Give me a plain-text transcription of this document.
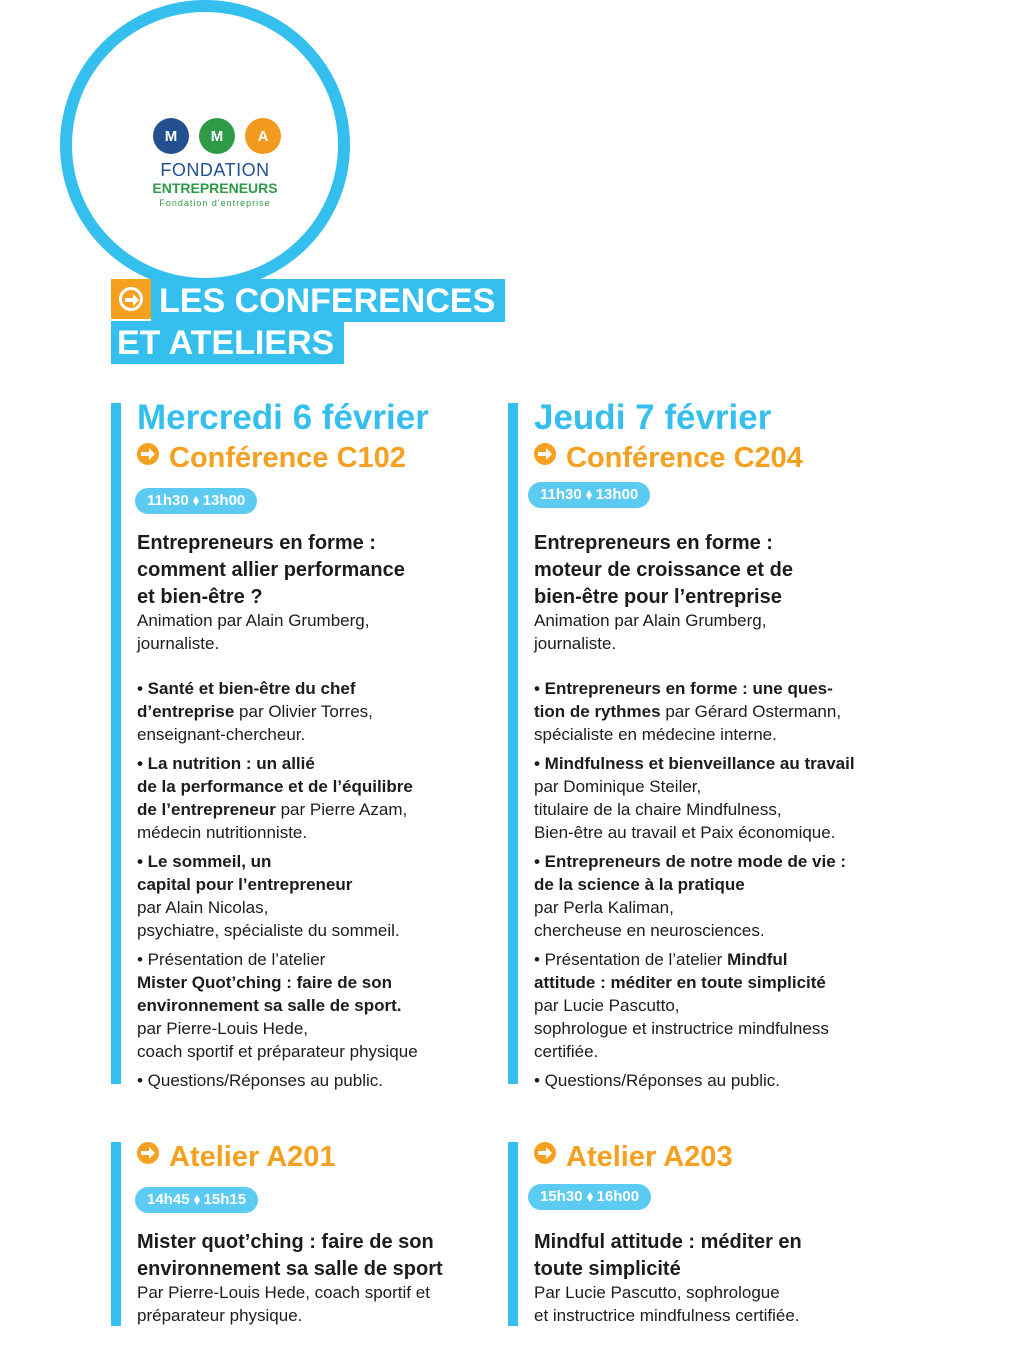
M	M	A
FONDATION
ENTREPRENEURS
Fondation d'entreprise
LES CONFERENCES
ET ATELIERS
Mercredi 6 février
Conférence C102
11h30 13h00
Entrepreneurs en forme :
comment allier performance
et bien-être ?
Animation par Alain Grumberg,
journaliste.
• Santé et bien-être du chef
d’entreprise par Olivier Torres,
enseignant-chercheur.
• La nutrition : un allié
de la performance et de l’équilibre
de l’entrepreneur par Pierre Azam,
médecin nutritionniste.
• Le sommeil, un
capital pour l’entrepreneur
par Alain Nicolas,
psychiatre, spécialiste du sommeil.
• Présentation de l’atelier
Mister Quot’ching : faire de son
environnement sa salle de sport.
par Pierre-Louis Hede,
coach sportif et préparateur physique
• Questions/Réponses au public.
Atelier A201
14h45 15h15
Mister quot’ching : faire de son
environnement sa salle de sport
Par Pierre-Louis Hede, coach sportif et
préparateur physique.
Jeudi 7 février
Conférence C204
11h30 13h00
Entrepreneurs en forme :
moteur de croissance et de
bien-être pour l’entreprise
Animation par Alain Grumberg,
journaliste.
• Entrepreneurs en forme : une ques-
tion de rythmes par Gérard Ostermann,
spécialiste en médecine interne.
• Mindfulness et bienveillance au travail
par Dominique Steiler,
titulaire de la chaire Mindfulness,
Bien-être au travail et Paix économique.
• Entrepreneurs de notre mode de vie :
de la science à la pratique
par Perla Kaliman,
chercheuse en neurosciences.
• Présentation de l’atelier Mindful
attitude : méditer en toute simplicité
par Lucie Pascutto,
sophrologue et instructrice mindfulness
certifiée.
• Questions/Réponses au public.
Atelier A203
15h30 16h00
Mindful attitude : méditer en
toute simplicité
Par Lucie Pascutto, sophrologue
et instructrice mindfulness certifiée.
